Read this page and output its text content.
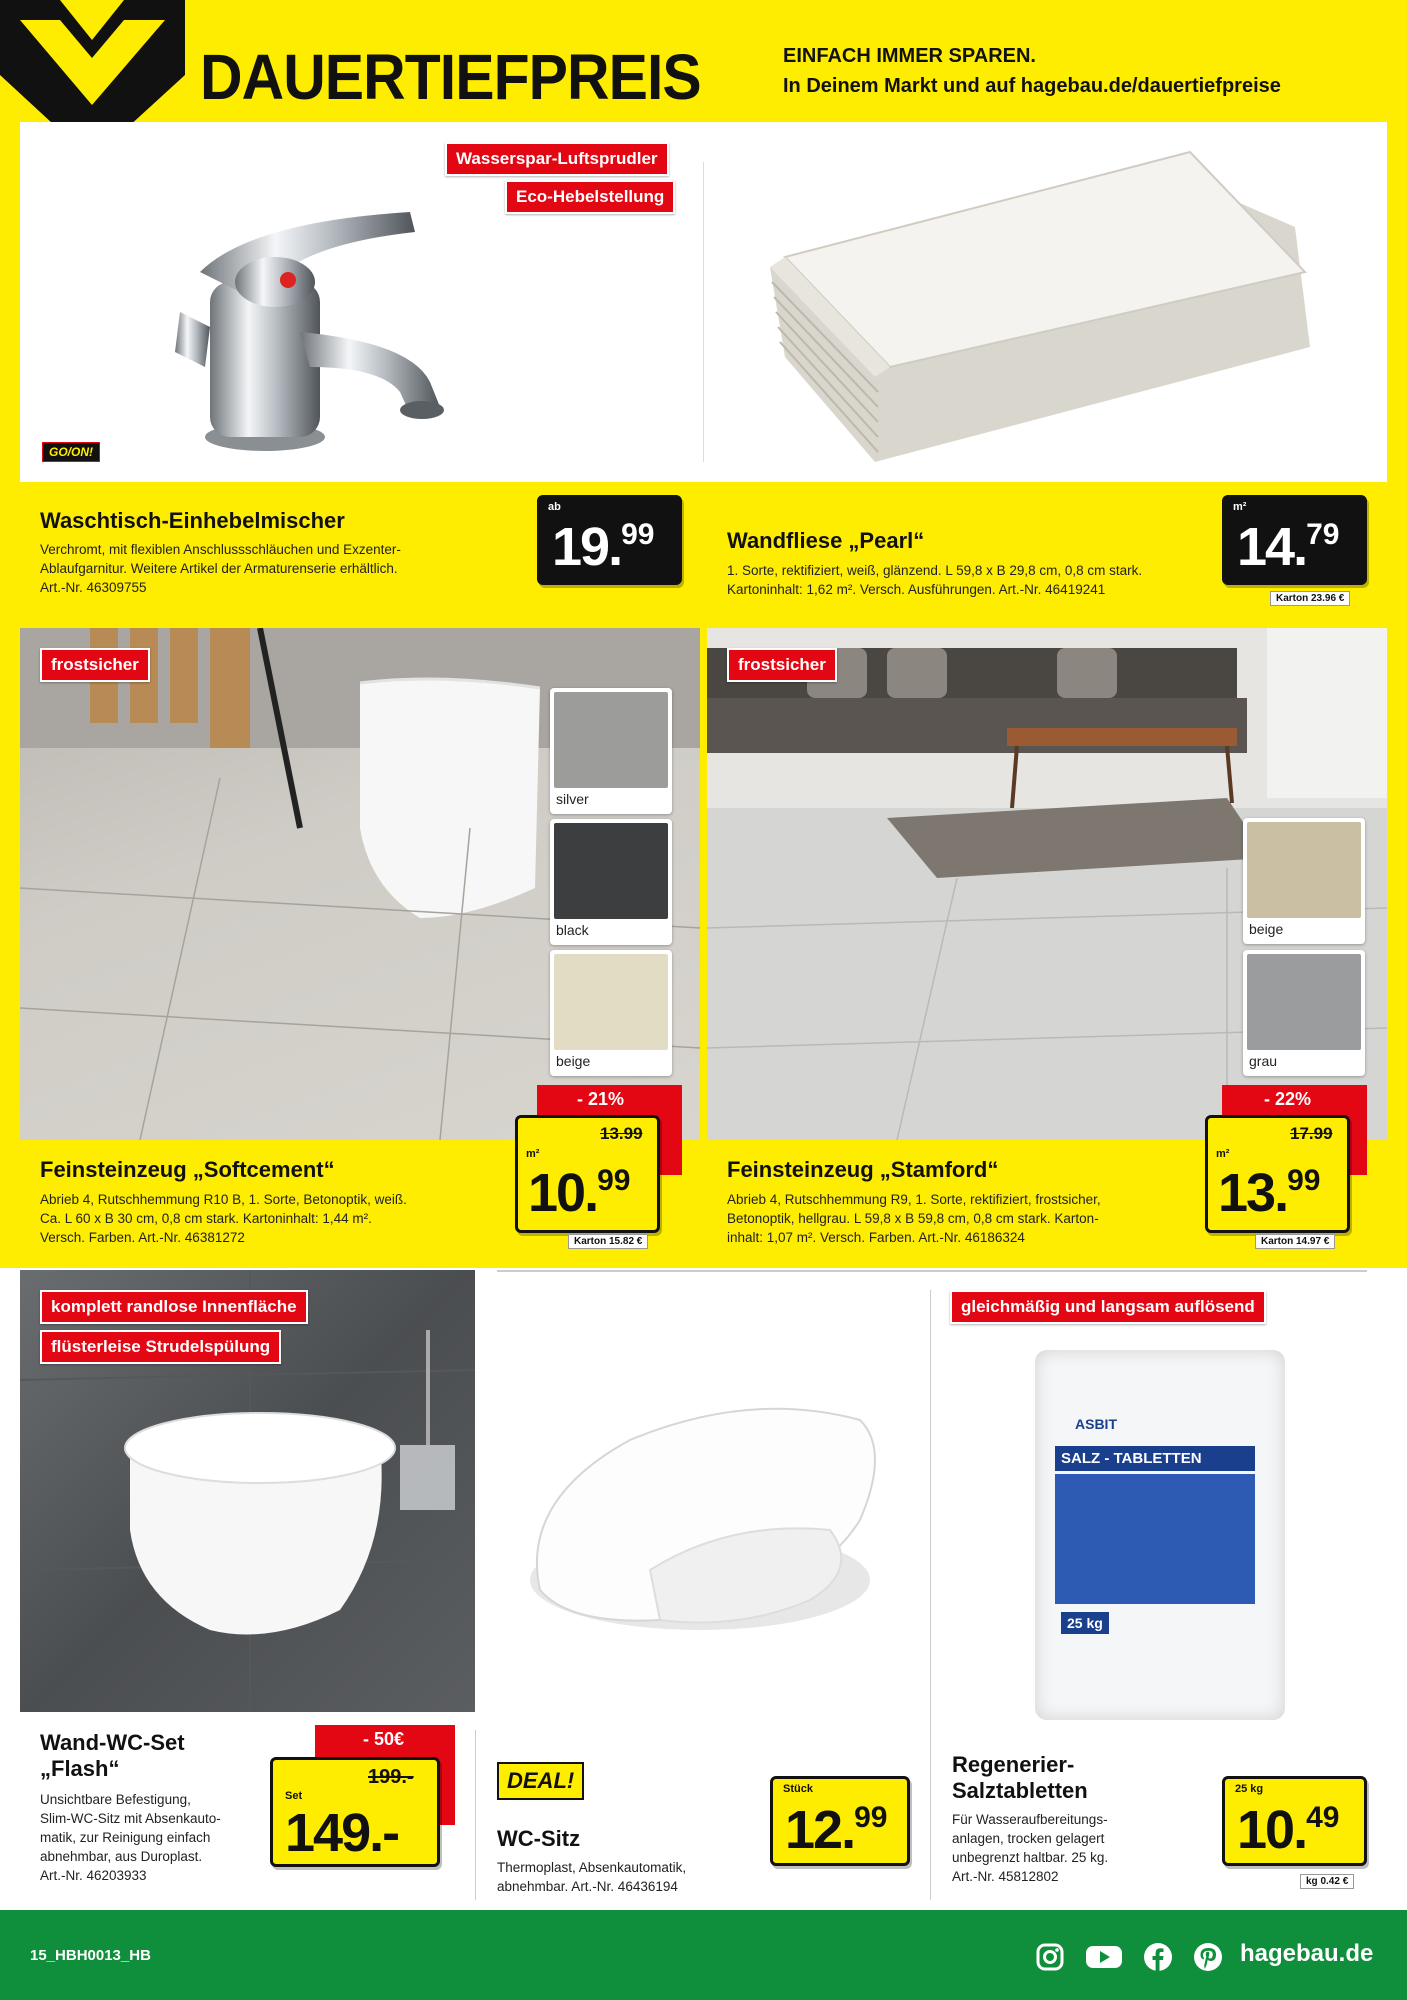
DAUERTIEFPREIS	EINFACH IMMER SPAREN.
In Deinem Markt und auf hagebau.de/dauertiefpreise
Wasserspar-Luftsprudler
Eco-Hebelstellung
GO/ON!
Waschtisch-Einhebelmischer
Verchromt, mit flexiblen Anschlussschläuchen und Exzenter-
Ablaufgarnitur. Weitere Artikel der Armaturenserie erhältlich.
Art.-Nr. 46309755
ab
19.99	Wandfliese „Pearl“
1. Sorte, rektifiziert, weiß, glänzend. L 59,8 x B 29,8 cm, 0,8 cm stark.
Kartoninhalt: 1,62 m². Versch. Ausführungen. Art.-Nr. 46419241
m²
14.79
Karton 23.96 €
frostsicher
silver
black
beige
frostsicher
beige
grau
- 21%
13.99
m²
10.99
Karton 15.82 €
Feinsteinzeug „Softcement“
Abrieb 4, Rutschhemmung R10 B, 1. Sorte, Betonoptik, weiß.
Ca. L 60 x B 30 cm, 0,8 cm stark. Kartoninhalt: 1,44 m².
Versch. Farben. Art.-Nr. 46381272
- 22%
17.99
m²
13.99
Karton 14.97 €
Feinsteinzeug „Stamford“
Abrieb 4, Rutschhemmung R9, 1. Sorte, rektifiziert, frostsicher,
Betonoptik, hellgrau. L 59,8 x B 59,8 cm, 0,8 cm stark. Karton-
inhalt: 1,07 m². Versch. Farben. Art.-Nr. 46186324
komplett randlose Innenfläche
flüsterleise Strudelspülung
Wand-WC-Set
„Flash“
Unsichtbare Befestigung,
Slim-WC-Sitz mit Absenkauto-
matik, zur Reinigung einfach
abnehmbar, aus Duroplast.
Art.-Nr. 46203933
- 50€
199.-
Set
149.-
DEAL!
WC-Sitz
Thermoplast, Absenkautomatik,
abnehmbar. Art.-Nr. 46436194
Stück
12.99
gleichmäßig und langsam auflösend
ASBIT
SALZ - TABLETTEN
25 kg
Regenerier-
Salztabletten
Für Wasseraufbereitungs-
anlagen, trocken gelagert
unbegrenzt haltbar. 25 kg.
Art.-Nr. 45812802
25 kg
10.49
kg 0.42 €
15_HBH0013_HB	hagebau.de
